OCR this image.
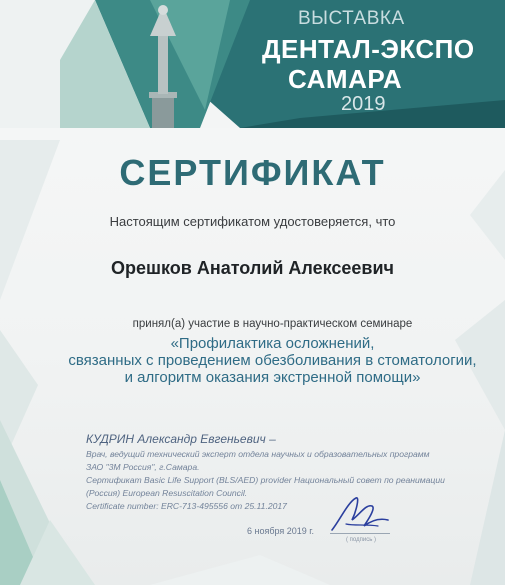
ВЫСТАВКА
ДЕНТАЛ-ЭКСПО
САМАРА
2019
СЕРТИФИКАТ
Настоящим сертификатом удостоверяется, что
Орешков Анатолий Алексеевич
принял(а) участие в научно-практическом семинаре
«Профилактика осложнений,
связанных с проведением обезболивания в стоматологии,
и алгоритм оказания экстренной помощи»
КУДРИН Александр Евгеньевич –
Врач, ведущий технический эксперт отдела научных и образовательных программ
ЗАО "3М Россия", г.Самара.
Сертификат Basic Life Support (BLS/AED) provider Национальный совет по реанимации
(Россия) European Resuscitation Council.
Certificate number: ERC-713-495556 от 25.11.2017
6 ноября 2019 г.
( подпись )
